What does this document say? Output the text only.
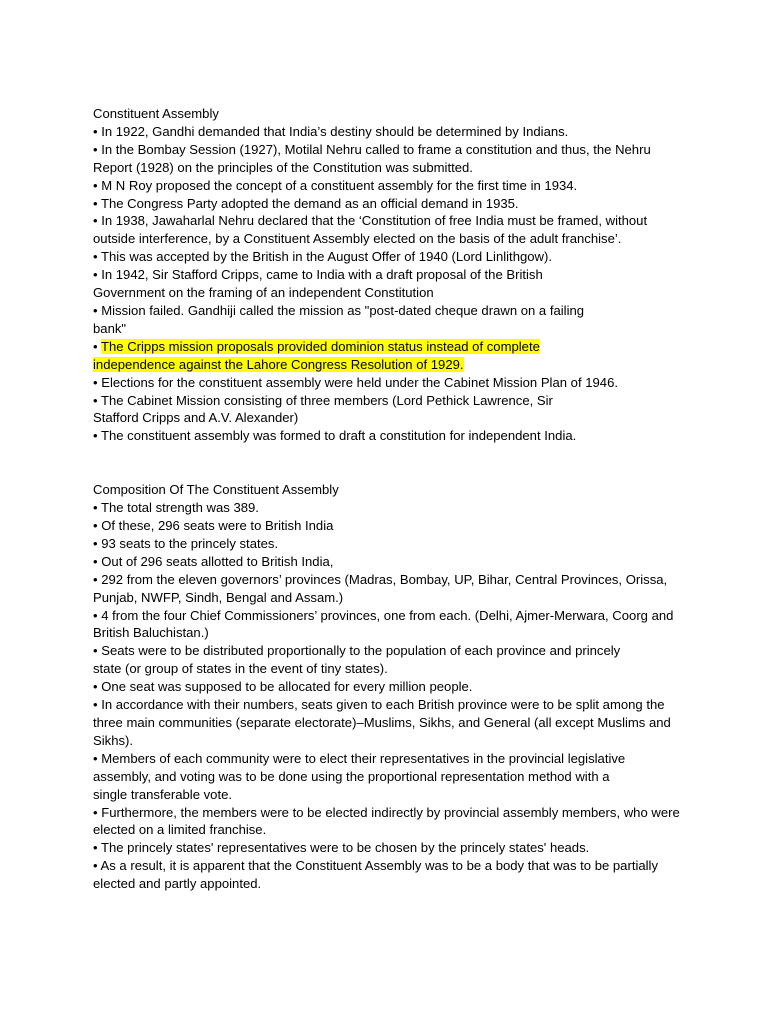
Constituent Assembly

• In 1922, Gandhi demanded that India’s destiny should be determined by Indians.

• In the Bombay Session (1927), Motilal Nehru called to frame a constitution and thus, the Nehru Report (1928) on the principles of the Constitution was submitted.

• M N Roy proposed the concept of a constituent assembly for the first time in 1934.

• The Congress Party adopted the demand as an official demand in 1935.

• In 1938, Jawaharlal Nehru declared that the ‘Constitution of free India must be framed, without outside interference, by a Constituent Assembly elected on the basis of the adult franchise’.

• This was accepted by the British in the August Offer of 1940 (Lord Linlithgow).

• In 1942, Sir Stafford Cripps, came to India with a draft proposal of the British Government on the framing of an independent Constitution

• Mission failed. Gandhiji called the mission as "post-dated cheque drawn on a failing bank"

• The Cripps mission proposals provided dominion status instead of complete independence against the Lahore Congress Resolution of 1929.

• Elections for the constituent assembly were held under the Cabinet Mission Plan of 1946.

• The Cabinet Mission consisting of three members (Lord Pethick Lawrence, Sir Stafford Cripps and A.V. Alexander)

• The constituent assembly was formed to draft a constitution for independent India.

Composition Of The Constituent Assembly

• The total strength was 389.

• Of these, 296 seats were to British India

• 93 seats to the princely states.

• Out of 296 seats allotted to British India,

• 292 from the eleven governors’ provinces (Madras, Bombay, UP, Bihar, Central Provinces, Orissa, Punjab, NWFP, Sindh, Bengal and Assam.)

• 4 from the four Chief Commissioners’ provinces, one from each. (Delhi, Ajmer-Merwara, Coorg and British Baluchistan.)

• Seats were to be distributed proportionally to the population of each province and princely state (or group of states in the event of tiny states).

• One seat was supposed to be allocated for every million people.

• In accordance with their numbers, seats given to each British province were to be split among the three main communities (separate electorate)–Muslims, Sikhs, and General (all except Muslims and Sikhs).

• Members of each community were to elect their representatives in the provincial legislative assembly, and voting was to be done using the proportional representation method with a single transferable vote.

• Furthermore, the members were to be elected indirectly by provincial assembly members, who were elected on a limited franchise.

• The princely states' representatives were to be chosen by the princely states' heads.

• As a result, it is apparent that the Constituent Assembly was to be a body that was to be partially elected and partly appointed.
